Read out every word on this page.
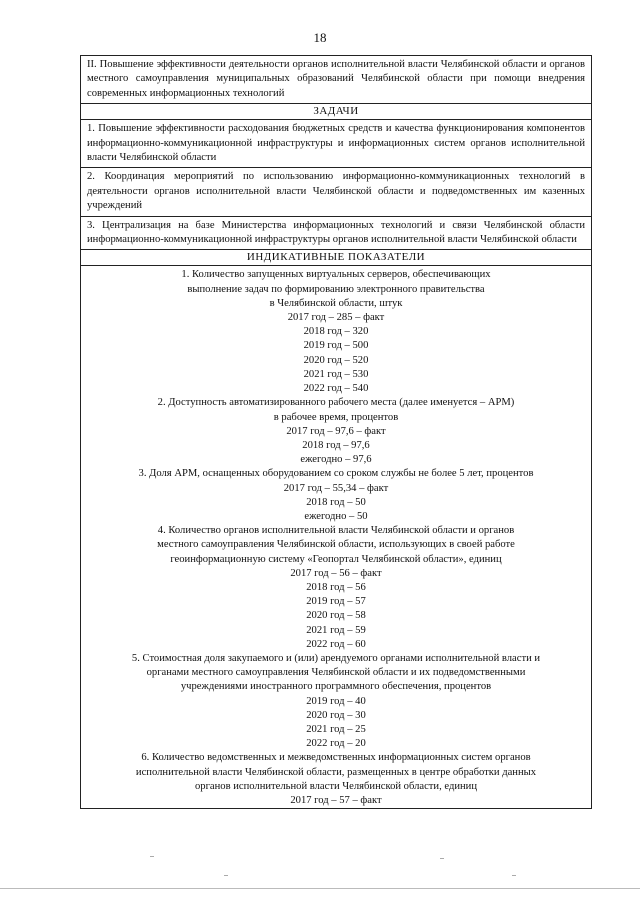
18
II. Повышение эффективности деятельности органов исполнительной власти Челябинской области и органов местного самоуправления муниципальных образований Челябинской области при помощи внедрения современных информационных технологий
ЗАДАЧИ
1. Повышение эффективности расходования бюджетных средств и качества функционирования компонентов информационно-коммуникационной инфраструктуры и информационных систем органов исполнительной власти Челябинской области
2. Координация мероприятий по использованию информационно-коммуникационных технологий в деятельности органов исполнительной власти Челябинской области и подведомственных им казенных учреждений
3. Централизация на базе Министерства информационных технологий и связи Челябинской области информационно-коммуникационной инфраструктуры органов исполнительной власти Челябинской области
ИНДИКАТИВНЫЕ ПОКАЗАТЕЛИ
1. Количество запущенных виртуальных серверов, обеспечивающих
выполнение задач по формированию электронного правительства
в Челябинской области, штук
2017 год – 285 – факт
2018 год – 320
2019 год – 500
2020 год – 520
2021 год – 530
2022 год – 540
2. Доступность автоматизированного рабочего места (далее именуется – АРМ)
в рабочее время, процентов
2017 год – 97,6 – факт
2018 год – 97,6
ежегодно – 97,6
3. Доля АРМ, оснащенных оборудованием со сроком службы не более 5 лет, процентов
2017 год – 55,34 – факт
2018 год – 50
ежегодно – 50
4. Количество органов исполнительной власти Челябинской области и органов
местного самоуправления Челябинской области, использующих в своей работе
геоинформационную систему «Геопортал Челябинской области», единиц
2017 год – 56 – факт
2018 год – 56
2019 год – 57
2020 год – 58
2021 год – 59
2022 год – 60
5. Стоимостная доля закупаемого и (или) арендуемого органами исполнительной власти и
органами местного самоуправления Челябинской области и их подведомственными
учреждениями иностранного программного обеспечения, процентов
2019 год – 40
2020 год – 30
2021 год – 25
2022 год – 20
6. Количество ведомственных и межведомственных информационных систем органов
исполнительной власти Челябинской области, размещенных в центре обработки данных
органов исполнительной власти Челябинской области, единиц
2017 год – 57 – факт
